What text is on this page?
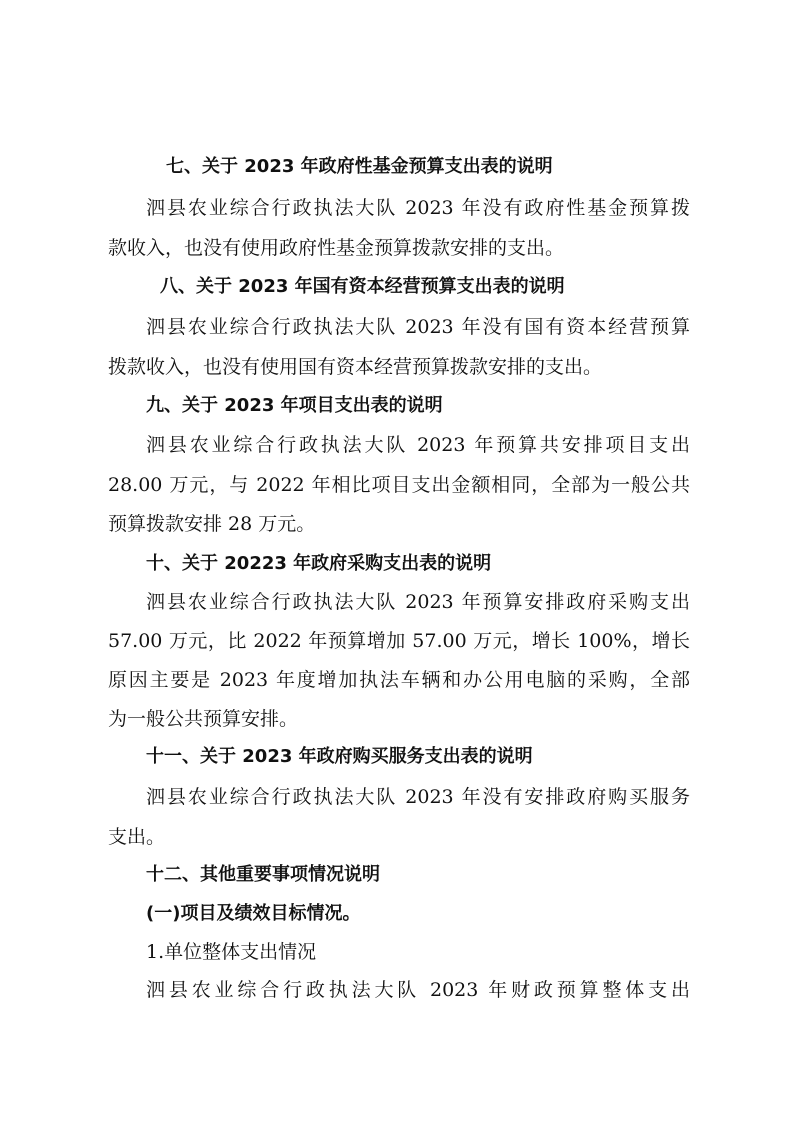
七、关于 2023 年政府性基金预算支出表的说明
泗县农业综合行政执法大队 2023 年没有政府性基金预算拨
款收入，也没有使用政府性基金预算拨款安排的支出。
八、关于 2023 年国有资本经营预算支出表的说明
泗县农业综合行政执法大队 2023 年没有国有资本经营预算
拨款收入，也没有使用国有资本经营预算拨款安排的支出。
九、关于 2023 年项目支出表的说明
泗县农业综合行政执法大队 2023 年预算共安排项目支出
28.00 万元，与 2022 年相比项目支出金额相同，全部为一般公共
预算拨款安排 28 万元。
十、关于 20223 年政府采购支出表的说明
泗县农业综合行政执法大队 2023 年预算安排政府采购支出
57.00 万元，比 2022 年预算增加 57.00 万元，增长 100%，增长
原因主要是 2023 年度增加执法车辆和办公用电脑的采购，全部
为一般公共预算安排。
十一、关于 2023 年政府购买服务支出表的说明
泗县农业综合行政执法大队 2023 年没有安排政府购买服务
支出。
十二、其他重要事项情况说明
(一)项目及绩效目标情况。
1.单位整体支出情况
泗县农业综合行政执法大队 2023 年财政预算整体支出
